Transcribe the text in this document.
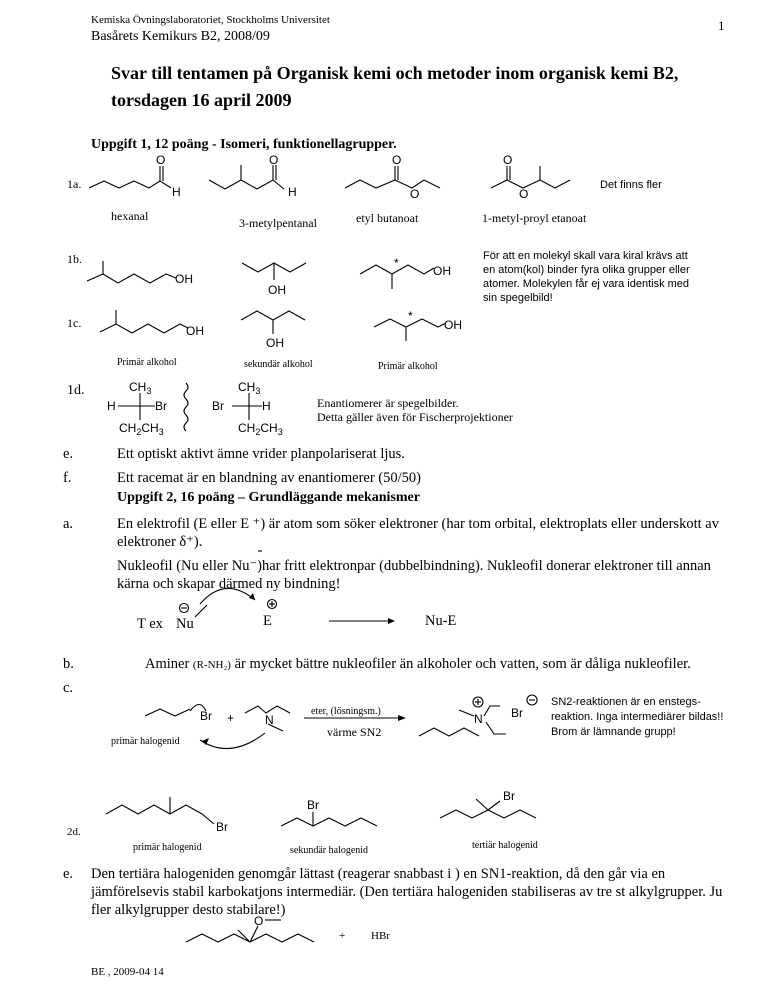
Kemiska Övningslaboratoriet, Stockholms Universitet
Basårets Kemikurs B2, 2008/09
1
Svar till tentamen på Organisk kemi och metoder inom organisk kemi B2, torsdagen 16 april 2009
Uppgift 1, 12 poäng - Isomeri, funktionellagrupper.
1a.	Det finns fler
hexanal	3-metylpentanal	etyl butanoat	1-metyl-proyl etanoat
1b.	För att en molekyl skall vara kiral krävs att en atom(kol) binder fyra olika grupper eller atomer. Molekylen får ej vara identisk med sin spegelbild!
1c.
Primär alkohol	sekundär alkohol	Primär alkohol
1d.
Enantiomerer är spegelbilder.
Detta gäller även för Fischerprojektioner
e.	Ett optiskt aktivt ämne vrider planpolariserat ljus.
f.	Ett racemat är en blandning av enantiomerer (50/50)
Uppgift 2, 16 poäng – Grundläggande mekanismer
a.	En elektrofil (E eller E ⁺) är atom som söker elektroner (har tom orbital, elektroplats eller underskott av elektroner δ⁺).
Nukleofil (Nu eller Nu⁻)har fritt elektronpar (dubbelbindning). Nukleofil donerar elektroner till annan kärna och skapar därmed ny bindning!
T ex Nu	E	Nu-E
b.	Aminer (R-NH₂) är mycket bättre nukleofiler än alkoholer och vatten, som är dåliga nukleofiler.
c.
primär halogenid
eter, (lösningsm.)
värme SN2
SN2-reaktionen är en enstegs-reaktion. Inga intermediärer bildas!! Brom är lämnande grupp!
2d.
primär halogenid	sekundär halogenid	tertiär halogenid
e. Den tertiära halogeniden genomgår lättast (reagerar snabbast i ) en SN1-reaktion, då den går via en jämförelsevis stabil karbokatjons intermediär. (Den tertiära halogeniden stabiliseras av tre st alkylgrupper. Ju fler alkylgrupper desto stabilare!)
+ HBr
BE , 2009-04 14
O
H
O
H
O
O
O
O
OH
OH
*
OH
OH
OH
*
OH
$CH_3$
H	Br
$CH_2CH_3$
$CH_3$
Br	H
$CH_2CH_3$
Br +	N	N Br
Br
Br
Br
O
